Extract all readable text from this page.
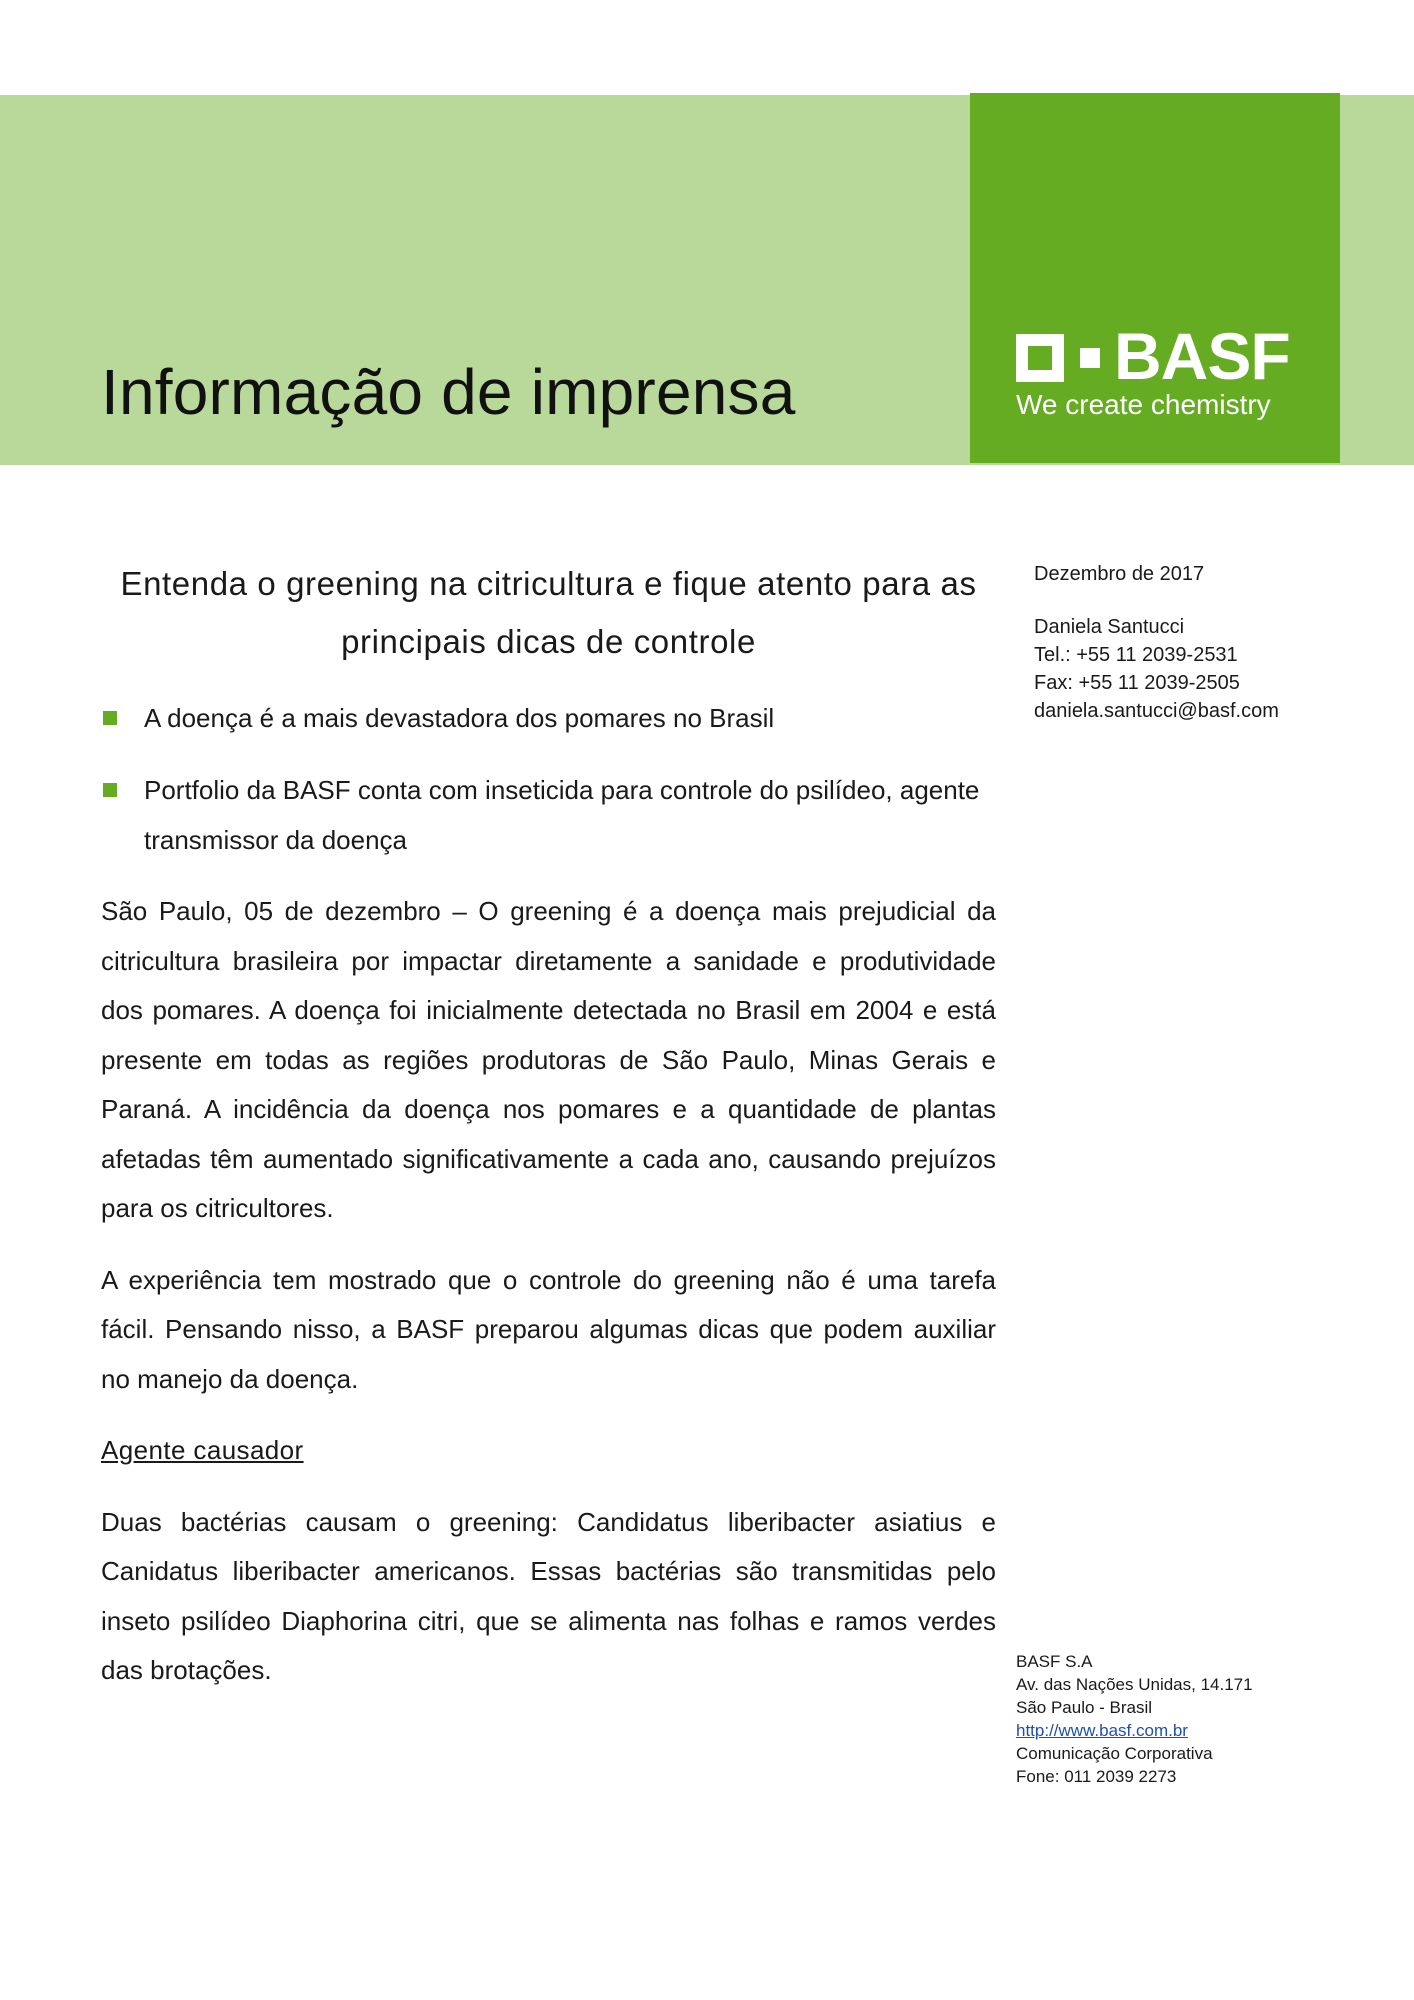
Informação de imprensa	BASF
We create chemistry

Dezembro de 2017

Daniela Santucci

Tel.: +55 11 2039-2531

Fax: +55 11 2039-2505

daniela.santucci@basf.com

Entenda o greening na citricultura e fique atento para as principais dicas de controle
A doença é a mais devastadora dos pomares no Brasil
Portfolio da BASF conta com inseticida para controle do psilídeo, agente transmissor da doença

São Paulo, 05 de dezembro – O greening é a doença mais prejudicial da citricultura brasileira por impactar diretamente a sanidade e produtividade dos pomares. A doença foi inicialmente detectada no Brasil em 2004 e está presente em todas as regiões produtoras de São Paulo, Minas Gerais e Paraná. A incidência da doença nos pomares e a quantidade de plantas afetadas têm aumentado significativamente a cada ano, causando prejuízos para os citricultores.

A experiência tem mostrado que o controle do greening não é uma tarefa fácil. Pensando nisso, a BASF preparou algumas dicas que podem auxiliar no manejo da doença.

Agente causador

Duas bactérias causam o greening: Candidatus liberibacter asiatius e Canidatus liberibacter americanos. Essas bactérias são transmitidas pelo inseto psilídeo Diaphorina citri, que se alimenta nas folhas e ramos verdes das brotações.	BASF S.A

Av. das Nações Unidas, 14.171

São Paulo - Brasil

http://www.basf.com.br

Comunicação Corporativa

Fone: 011 2039 2273
